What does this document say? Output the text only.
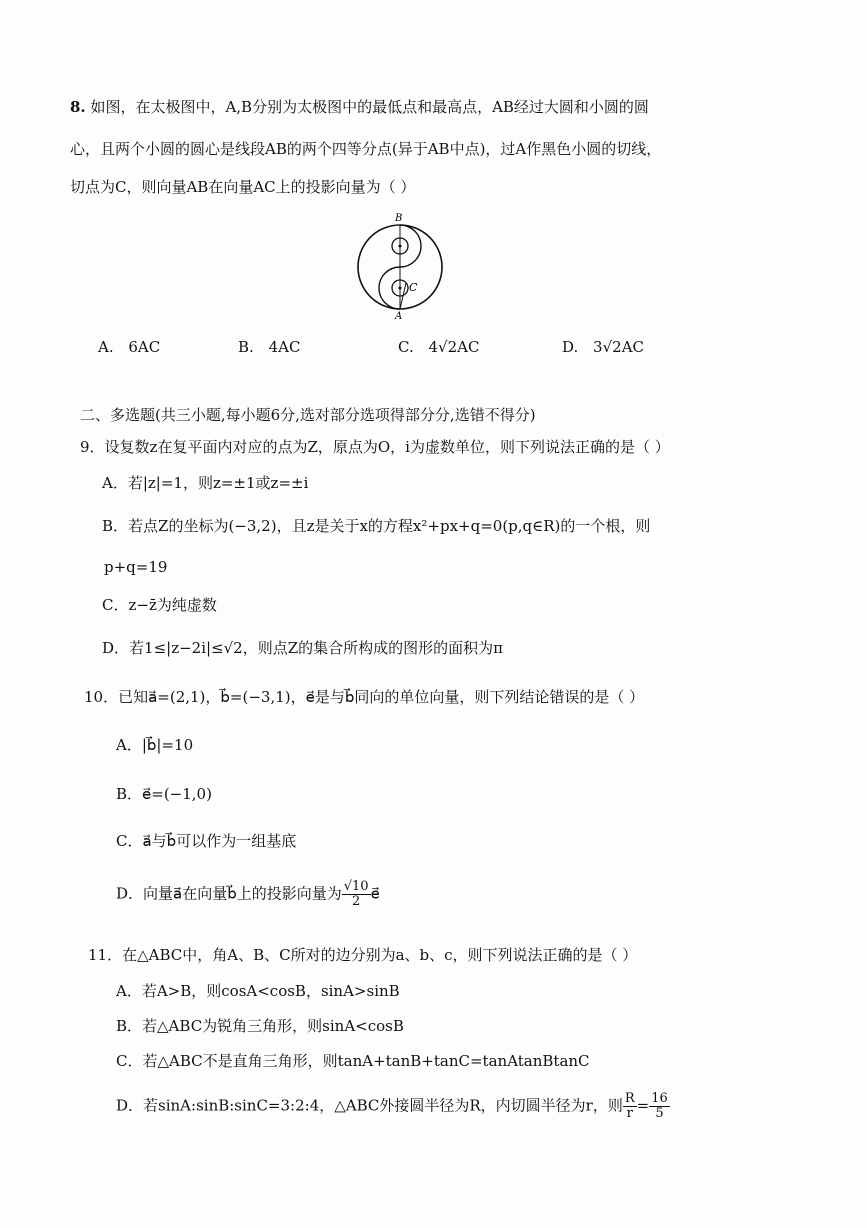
8. 如图，在太极图中，A,B分别为太极图中的最低点和最高点，AB经过大圆和小圆的圆
心，且两个小圆的圆心是线段AB的两个四等分点(异于AB中点)，过A作黑色小圆的切线，
切点为C，则向量AB在向量AC上的投影向量为（ ）
B
A
C
A. 6AC	B. 4AC	C. 4√2AC	D. 3√2AC
二、多选题(共三小题,每小题6分,选对部分选项得部分分,选错不得分)
9．设复数z在复平面内对应的点为Z，原点为O，i为虚数单位，则下列说法正确的是（ ）
A．若|z|=1，则z=±1或z=±i
B．若点Z的坐标为(−3,2)，且z是关于x的方程x²+px+q=0(p,q∈R)的一个根，则
p+q=19
C．z−z̄为纯虚数
D．若1≤|z−2i|≤√2，则点Z的集合所构成的图形的面积为π
10．已知a⃗=(2,1)，b⃗=(−3,1)，e⃗是与b⃗同向的单位向量，则下列结论错误的是（ ）
A．|b⃗|=10
B．e⃗=(−1,0)
C．a⃗与b⃗可以作为一组基底
D．向量a⃗在向量b⃗上的投影向量为 $\frac{√10}{2}$ e⃗
11．在△ABC中，角A、B、C所对的边分别为a、b、c，则下列说法正确的是（ ）
A．若A>B，则cosA<cosB，sinA>sinB
B．若△ABC为锐角三角形，则sinA<cosB
C．若△ABC不是直角三角形，则tanA+tanB+tanC=tanAtanBtanC
D．若sinA:sinB:sinC=3:2:4，△ABC外接圆半径为R，内切圆半径为r，则 $\frac{R}{r} = \frac{16}{5}$
